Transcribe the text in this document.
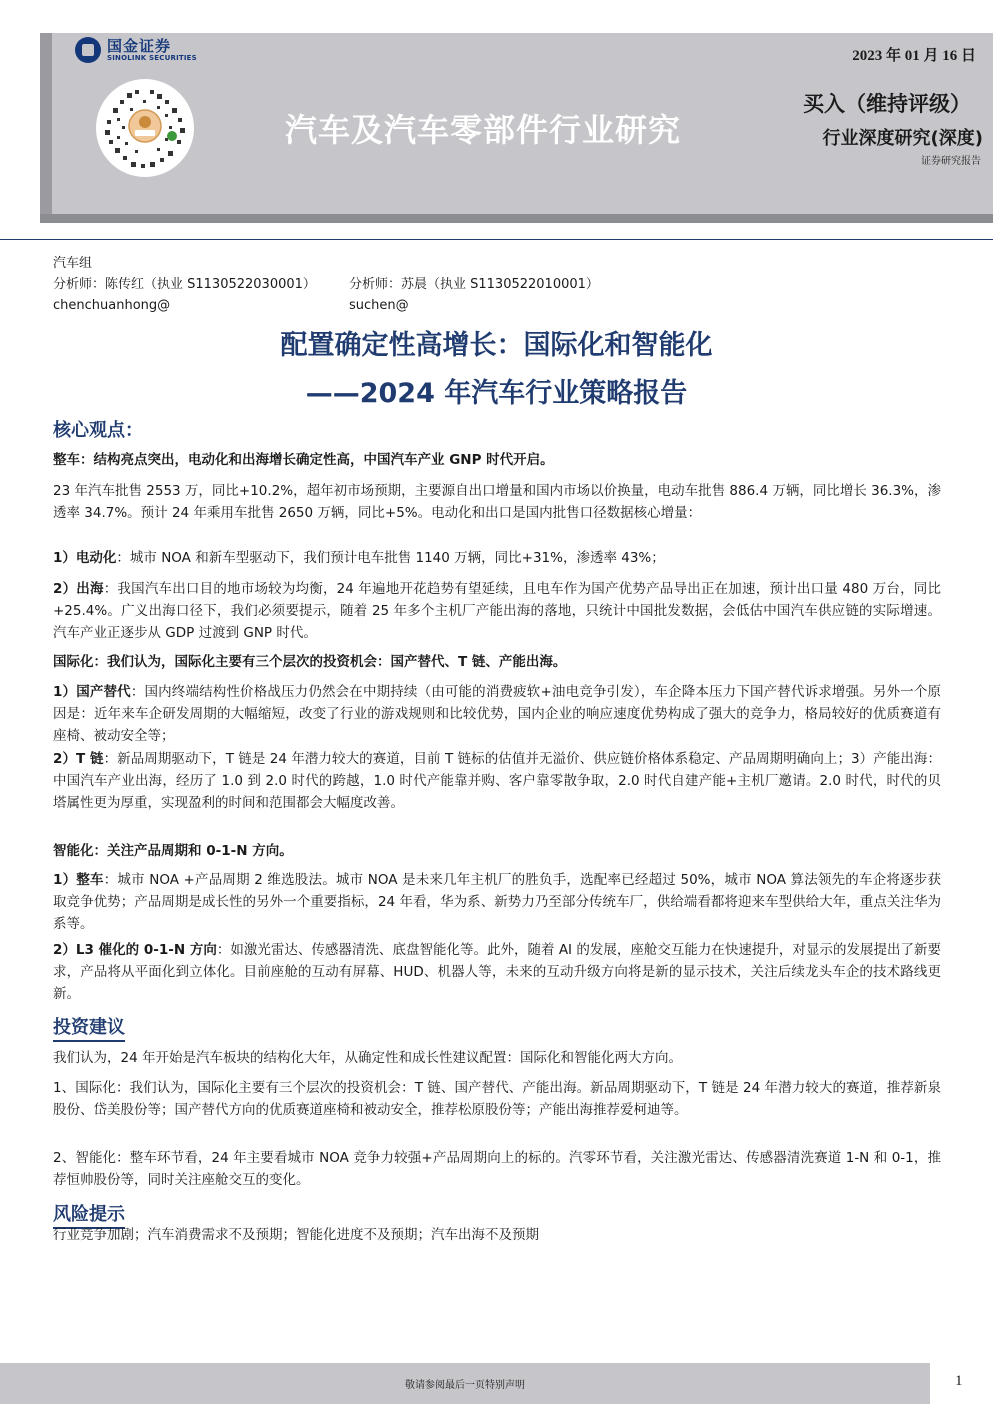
国金证券
SINOLINK SECURITIES
汽车及汽车零部件行业研究
2023 年 01 月 16 日
买入（维持评级）
行业深度研究(深度)
证券研究报告
汽车组
分析师：陈传红（执业 S1130522030001）	分析师：苏晨（执业 S1130522010001）
chenchuanhong@	suchen@
配置确定性高增长：国际化和智能化
——2024 年汽车行业策略报告
核心观点：
整车：结构亮点突出，电动化和出海增长确定性高，中国汽车产业 GNP 时代开启。
23 年汽车批售 2553 万，同比+10.2%，超年初市场预期，主要源自出口增量和国内市场以价换量，电动车批售 886.4 万辆，同比增长 36.3%，渗透率 34.7%。预计 24 年乘用车批售 2650 万辆，同比+5%。电动化和出口是国内批售口径数据核心增量：
1）电动化：城市 NOA 和新车型驱动下，我们预计电车批售 1140 万辆，同比+31%，渗透率 43%；
2）出海：我国汽车出口目的地市场较为均衡，24 年遍地开花趋势有望延续，且电车作为国产优势产品导出正在加速，预计出口量 480 万台，同比+25.4%。广义出海口径下，我们必须要提示，随着 25 年多个主机厂产能出海的落地，只统计中国批发数据，会低估中国汽车供应链的实际增速。汽车产业正逐步从 GDP 过渡到 GNP 时代。
国际化：我们认为，国际化主要有三个层次的投资机会：国产替代、T 链、产能出海。
1）国产替代：国内终端结构性价格战压力仍然会在中期持续（由可能的消费疲软+油电竞争引发），车企降本压力下国产替代诉求增强。另外一个原因是：近年来车企研发周期的大幅缩短，改变了行业的游戏规则和比较优势，国内企业的响应速度优势构成了强大的竞争力，格局较好的优质赛道有座椅、被动安全等；
2）T 链：新品周期驱动下，T 链是 24 年潜力较大的赛道，目前 T 链标的估值并无溢价、供应链价格体系稳定、产品周期明确向上；3）产能出海：中国汽车产业出海，经历了 1.0 到 2.0 时代的跨越，1.0 时代产能靠并购、客户靠零散争取，2.0 时代自建产能+主机厂邀请。2.0 时代，时代的贝塔属性更为厚重，实现盈利的时间和范围都会大幅度改善。
智能化：关注产品周期和 0-1-N 方向。
1）整车：城市 NOA +产品周期 2 维选股法。城市 NOA 是未来几年主机厂的胜负手，选配率已经超过 50%，城市 NOA 算法领先的车企将逐步获取竞争优势；产品周期是成长性的另外一个重要指标，24 年看，华为系、新势力乃至部分传统车厂，供给端看都将迎来车型供给大年，重点关注华为系等。
2）L3 催化的 0-1-N 方向：如激光雷达、传感器清洗、底盘智能化等。此外，随着 AI 的发展，座舱交互能力在快速提升，对显示的发展提出了新要求，产品将从平面化到立体化。目前座舱的互动有屏幕、HUD、机器人等，未来的互动升级方向将是新的显示技术，关注后续龙头车企的技术路线更新。
投资建议
我们认为，24 年开始是汽车板块的结构化大年，从确定性和成长性建议配置：国际化和智能化两大方向。
1、国际化：我们认为，国际化主要有三个层次的投资机会：T 链、国产替代、产能出海。新品周期驱动下，T 链是 24 年潜力较大的赛道，推荐新泉股份、岱美股份等；国产替代方向的优质赛道座椅和被动安全，推荐松原股份等；产能出海推荐爱柯迪等。
2、智能化：整车环节看，24 年主要看城市 NOA 竞争力较强+产品周期向上的标的。汽零环节看，关注激光雷达、传感器清洗赛道 1-N 和 0-1，推荐恒帅股份等，同时关注座舱交互的变化。
风险提示
行业竞争加剧；汽车消费需求不及预期；智能化进度不及预期；汽车出海不及预期
敬请参阅最后一页特别声明	1
